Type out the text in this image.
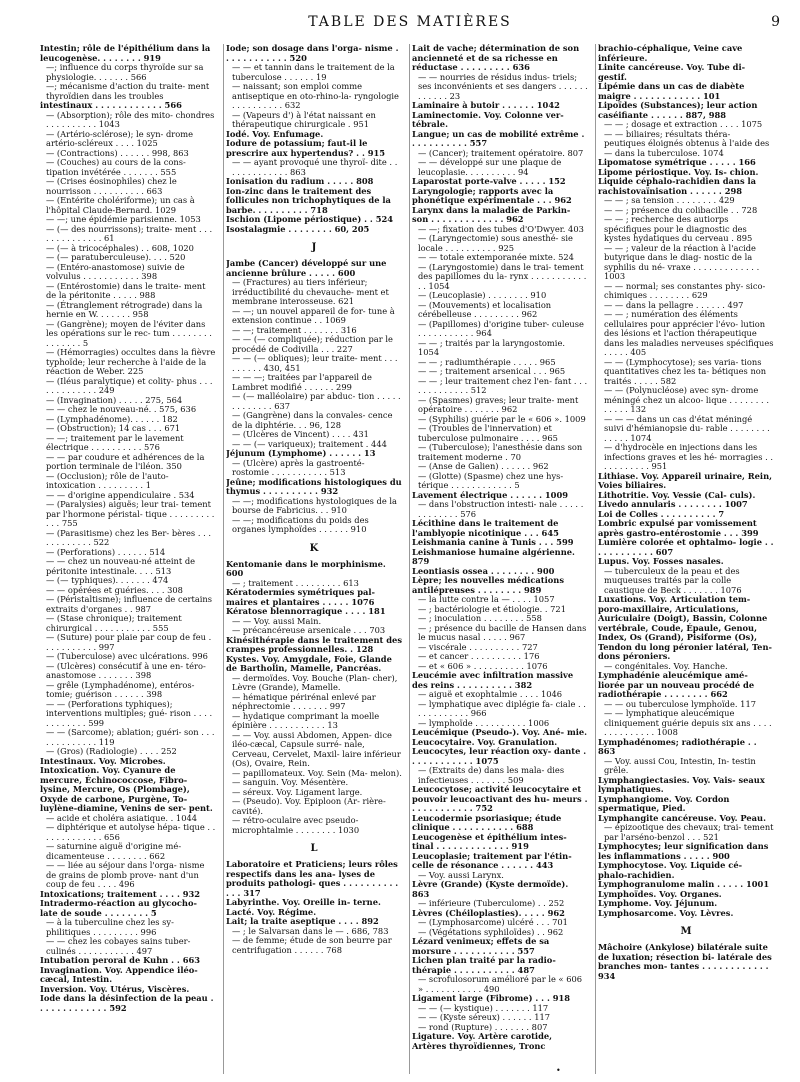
TABLE DES MATIÈRES	9
Intestin; rôle de l'épithélium dans la leucogenèse. . . . . . . . 919
—; influence du corps thyroïde sur sa physiologie. . . . . . . 566
—; mécanisme d'action du traite- ment thyroïdien dans les troubles
intestinaux . . . . . . . . . . . . 566
— (Absorption); rôle des mito- chondres . . . . . . . . . . 1043
— (Artério-sclérose); le syn- drome artério-scléreux . . . . 1025
— (Contractions) . . . . . . 998, 863
— (Couches) au cours de la cons- tipation invétérée . . . . . . . 555
— (Crises éosinophiles) chez le nourrisson . . . . . . . . . . 663
— (Entérite cholériforme); un cas à l'hôpital Claude-Bernard. 1029
— —; une épidémie parisienne. 1053
— (— des nourrissons); traite- ment . . . . . . . . . . . . . . 61
— (— à tricocéphales) . . 608, 1020
— (— paratuberculeuse). . . . 520
— (Entéro-anastomose) suivie de volvulus . . . . . . . . . . . 398
— (Entérostomie) dans le traite- ment de la péritonite . . . . . 988
— (Étranglement rétrograde) dans la hernie en W. . . . . . . 958
— (Gangrène); moyen de l'éviter dans les opérations sur le rec- tum . . . . . . . . . . . . . . . 5
— (Hémorragies) occultes dans la fièvre typhoïde; leur recherche à l'aide de la réaction de Weber. 225
— (Iléus paralytique) et colity- phus . . . . . . . . . . . . . 249
— (Invagination) . . . . . 275, 564
— — chez le nouveau-né. . 575, 636
— (Lymphadénome). . . . . . 182
— (Obstruction); 14 cas . . . 671
— —; traitement par le lavement électrique . . . . . . . . . . 576
— — par coudure et adhérences de la portion terminale de l'iléon. 350
— (Occlusion); rôle de l'auto- intoxication . . . . . . . . . 1
— — d'origine appendiculaire . 534
— (Paralysies) aiguës; leur trai- tement par l'hormone péristal- tique . . . . . . . . . . . . 755
— (Parasitisme) chez les Ber- bères . . . . . . . . . . . . 522
— (Perforations) . . . . . . 514
— — chez un nouveau-né atteint de péritonite intestinale. . . . 513
— (— typhiques). . . . . . . 474
— — opérées et guéries. . . . 308
— (Péristaltisme); influence de certains extraits d'organes . . 987
— (Stase chronique); traitement chirurgical . . . . . . . . . . . 555
— (Suture) pour plaie par coup de feu . . . . . . . . . . . 997
— (Tuberculose) avec ulcérations. 996
— (Ulcères) consécutif à une en- téro-anastomose . . . . . . . 398
— grêle (Lymphadénome), entéros- tomie; guérison . . . . . . 398
— — (Perforations typhiques); interventions multiples; gué- rison . . . . . . . . . . . . 599
— — (Sarcome); ablation; guéri- son . . . . . . . . . . . . . 119
— (Gros) (Radiologie) . . . . 252
Intestinaux. Voy. Microbes.
Intoxication. Voy. Cyanure de mercure, Échinococcose, Fibro- lysine, Mercure, Os (Plombage), Oxyde de carbone, Purgène, To- luylène-diamine, Venins de ser- pent.
— acide et choléra asiatique. . 1044
— diphtérique et autolyse hépa- tique . . . . . . . . . . . . . 656
— saturnine aiguë d'origine mé- dicamenteuse . . . . . . . . 662
— — liée au séjour dans l'orga- nisme de grains de plomb prove- nant d'un coup de feu . . . . 496
Intoxications; traitement . . . . 932
Intradermo-réaction au glycocho- late de soude . . . . . . . . 5
— à la tuberculine chez les sy- philitiques . . . . . . . . . 996
— — chez les cobayes sains tuber- culinés . . . . . . . . . . . 497
Intubation peroral de Kuhn . . 663
Invagination. Voy. Appendice iléo-cæcal, Intestin.
Inversion. Voy. Utérus, Viscères.
Iode dans la désinfection de la peau . . . . . . . . . . . . . 592
Iode; son dosage dans l'orga- nisme . . . . . . . . . . . . 520
— — et tannin dans le traitement de la tuberculose . . . . . . 19
— naissant; son emploi comme antiseptique en oto-rhino-la- ryngologie . . . . . . . . . . 632
— (Vapeurs d') à l'état naissant en thérapeutique chirurgicale . 951
Iodé. Voy. Enfumage.
Iodure de potassium; faut-il le prescrire aux hypertendus? . . 915
— — ayant provoqué une thyroï- dite . . . . . . . . . . . . . 863
Ionisation du radium . . . . . 808
Ion-zinc dans le traitement des follicules non trichophytiques de la barbe. . . . . . . . . . 718
Ischion (Lipome périostique) . . 524
Isostalagmie . . . . . . . . 60, 205
J
Jambe (Cancer) développé sur une ancienne brûlure . . . . . 600
— (Fractures) au tiers inférieur; irréductibilité du chevauche- ment et membrane interosseuse. 621
— —; un nouvel appareil de for- tune à extension continue . . 1069
— —; traitement . . . . . . . 316
— — (— compliquée); réduction par le procédé de Codivilla . . . 227
— — (— obliques); leur traite- ment . . . . . . . . . 430, 451
— — —; traitées par l'appareil de Lambret modifié . . . . . . 299
— (— malléolaire) par abduc- tion . . . . . . . . . . . . . 637
— (Gangrène) dans la convales- cence de la diphtérie. . . 96, 128
— (Ulcères de Vincent) . . . . 431
— — (— variqueux); traitement . 444
Jéjunum (Lymphome) . . . . . . 13
— (Ulcère) après la gastroenté- rostomie . . . . . . . . . . . 513
Jeûne; modifications histologiques du thymus . . . . . . . . . . 932
— —; modifications hystologiques de la bourse de Fabricius. . . 910
— —; modifications du poids des organes lymphoïdes . . . . . . 910
K
Kentomanie dans le morphinisme. 600
— ; traitement . . . . . . . . . 613
Kératodermies symétriques pal- maires et plantaires . . . . . 1076
Kératose blennorragique . . . . 181
— — Voy. aussi Main.
— précancéreuse arsenicale . . . 703
Kinésithérapie dans le traitement des crampes professionnelles. . 128
Kystes. Voy. Amygdale, Foie, Glande de Bartholin, Mamelle, Pancréas.
— dermoïdes. Voy. Bouche (Plan- cher), Lèvre (Grande), Mamelle.
— hématique périrénal enlevé par néphrectomie . . . . . . . 997
— hydatique comprimant la moelle épinière . . . . . . . . . . . 13
— — Voy. aussi Abdomen, Appen- dice iléo-cæcal, Capsule surré- nale, Cerveau, Cervelet, Maxil- laire inférieur (Os), Ovaire, Rein.
— papillomateux. Voy. Sein (Ma- melon).
— sanguin. Voy. Mésentère.
— séreux. Voy. Ligament large.
— (Pseudo). Voy. Epiploon (Ar- rière-cavité).
— rétro-oculaire avec pseudo- microphtalmie . . . . . . . . 1030
L
Laboratoire et Praticiens; leurs rôles respectifs dans les ana- lyses de produits pathologi- ques . . . . . . . . . . . . . 317
Labyrinthe. Voy. Oreille in- terne.
Lacté. Voy. Régime.
Lait; la traite aseptique . . . . 892
— ; le Salvarsan dans le — . 686, 783
— de femme; étude de son beurre par centrifugation . . . . . . 768
Lait de vache; détermination de son ancienneté et de sa richesse en réductase . . . . . . . . . 636
— — nourries de résidus indus- triels; ses inconvénients et ses dangers . . . . . . . . . . . . 23
Laminaire à butoir . . . . . . 1042
Laminectomie. Voy. Colonne ver- tébrale.
Langue; un cas de mobilité extrême . . . . . . . . . . . 557
— (Cancer); traitement opératoire. 807
— — développé sur une plaque de leucoplasie. . . . . . . . . . 94
Laparostat porte-valve . . . . . 152
Laryngologie; rapports avec la phonétique expérimentale . . . 962
Larynx dans la maladie de Parkin- son . . . . . . . . . . . . . 962
— —; fixation des tubes d'O'Dwyer. 403
— (Laryngectomie) sous anesthé- sie locale . . . . . . . . . . 925
— — totale extemporanée mixte. 524
— (Laryngostomie) dans le trai- tement des papillomes du la- rynx . . . . . . . . . . . . . 1054
— (Leucoplasie) . . . . . . . . 910
— (Mouvements) et localisation cérébelleuse . . . . . . . . . 962
— (Papillomes) d'origine tuber- culeuse . . . . . . . . . . . 964
— — ; traités par la laryngostomie. 1054
— — ; radiumthérapie . . . . . 965
— — ; traitement arsenical . . . 965
— — ; leur traitement chez l'en- fant . . . . . . . . . . . . . 512
— (Spasmes) graves; leur traite- ment opératoire . . . . . . . 962
— (Syphilis) guérie par le « 606 ». 1009
— (Troubles de l'innervation) et tuberculose pulmonaire . . . . 965
— (Tuberculose); l'anesthésie dans son traitement moderne . 70
— (Anse de Galien) . . . . . . 962
— (Glotte) (Spasme) chez une hys- térique . . . . . . . . . . . . 5
Lavement électrique . . . . . . 1009
— dans l'obstruction intesti- nale . . . . . . . . . . . . . 576
Lécithine dans le traitement de l'amblyopie nicotinique . . . 645
Leishmania canine à Tunis . . . 599
Leishmaniose humaine algérienne. 879
Leontiasis ossea . . . . . . . . 900
Lèpre; les nouvelles médications antilépreuses . . . . . . . . 989
— la lutte contre la — . . . . 1057
— ; bactériologie et étiologie. . 721
— ; inoculation . . . . . . . . 558
— ; présence du bacille de Hansen dans le mucus nasal . . . . . 967
— viscérale . . . . . . . . . . 727
— et cancer . . . . . . . . . . 176
— et « 606 » . . . . . . . . . . 1076
Leucémie avec infiltration massive des reins . . . . . . . . . . 382
— aiguë et exophtalmie . . . . 1046
— lymphatique avec diplégie fa- ciale . . . . . . . . . . . . 966
— lymphoïde . . . . . . . . . . 1006
Leucémique (Pseudo-). Voy. Ané- mie.
Leucocytaire. Voy. Granulation.
Leucocytes, leur réaction oxy- dante . . . . . . . . . . . . 1075
— (Extraits de) dans les mala- dies infectieuses . . . . . . . 509
Leucocytose; activité leucocytaire et pouvoir leucoactivant des hu- meurs . . . . . . . . . . . . 752
Leucodermie psoriasique; étude clinique . . . . . . . . . . . 688
Leucogenèse et épithélium intes- tinal . . . . . . . . . . . . . 919
Leucoplasie; traitement par l'étin- celle de résonance . . . . . . 443
— Voy. aussi Larynx.
Lèvre (Grande) (Kyste dermoïde). 863
— inférieure (Tuberculome) . . 252
Lèvres (Chéiloplasties). . . . . 962
— (Lymphosarcome) ulcéré . . . 701
— (Végétations syphiloïdes) . . 962
Lézard venimeux; effets de sa morsure . . . . . . . . . . . 557
Lichen plan traité par la radio- thérapie . . . . . . . . . . . 487
— scrofulosorum amélioré par le « 606 » . . . . . . . . . . . 490
Ligament large (Fibrome) . . . 918
— — (— kystique) . . . . . . . 117
— — (Kyste séreux) . . . . . . 117
— rond (Rupture) . . . . . . . 807
Ligature. Voy. Artère carotide, Artères thyroïdiennes, Tronc
brachio-céphalique, Veine cave inférieure.
Linite cancéreuse. Voy. Tube di- gestif.
Lipémie dans un cas de diabète maigre . . . . . . . . . . . . 101
Lipoïdes (Substances); leur action caséifiante . . . . . . 887, 988
— — ; dosage et extraction . . . . 1075
— — biliaires; résultats théra- peutiques éloignés obtenus à l'aide des — dans la tuberculose. 1074
Lipomatose symétrique . . . . . 166
Lipome périostique. Voy. Is- chion.
Liquide céphalo-rachidien dans la rachistovaïnisation . . . . . . 298
— — ; sa tension . . . . . . . . 429
— — ; présence du colibacille . . 728
— — ; recherche des autiorps spécifiques pour le diagnostic des kystes hydatiques du cerveau . 895
— — ; valeur de la réaction à l'acide butyrique dans le diag- nostic de la syphilis du né- vraxe . . . . . . . . . . . . . 1003
— — normal; ses constantes phy- sico-chimiques . . . . . . . . 629
— — dans la pellagre . . . . . . 497
— — ; numération des éléments cellulaires pour apprécier l'évo- lution des lésions et l'action thérapeutique dans les maladies nerveuses spécifiques . . . . . 405
— — (Lymphocytose); ses varia- tions quantitatives chez les ta- bétiques non traités . . . . . 582
— — (Polynucléose) avec syn- drome méningé chez un alcoo- lique . . . . . . . . . . . . . 132
— — — dans un cas d'état méningé suivi d'hémianopsie du- rable . . . . . . . . . . . . . 1074
— d'hydrocèle en injections dans les infections graves et les hé- morragies . . . . . . . . . . . 951
Lithiase. Voy. Appareil urinaire, Rein, Voies biliaires.
Lithotritie. Voy. Vessie (Cal- culs).
Livedo annularis . . . . . . . . 1007
Loi de Colles . . . . . . . . . . 7
Lombric expulsé par vomissement après gastro-entérostomie . . . 399
Lumière colorée et ophtalmo- logie . . . . . . . . . . . . 607
Lupus. Voy. Fosses nasales.
— tuberculeux de la peau et des muqueuses traités par la colle caustique de Beck . . . . . . . 1076
Luxations. Voy. Articulation tem- poro-maxillaire, Articulations, Auriculaire (Doigt), Bassin, Colonne vertébrale, Coude, Épaule, Genou, Index, Os (Grand), Pisiforme (Os), Tendon du long péronier latéral, Ten- dons péroniers.
— congénitales. Voy. Hanche.
Lymphadénie aleucémique amé- liorée par un nouveau procédé de radiothérapie . . . . . . . . 662
— — ou tuberculose lymphoïde. 117
— — lymphatique aleucémique cliniquement guérie depuis six ans . . . . . . . . . . . . . . 1008
Lymphadénomes; radiothérapie . . 863
— Voy. aussi Cou, Intestin, In- testin grêle.
Lymphangiectasies. Voy. Vais- seaux lymphatiques.
Lymphangiome. Voy. Cordon spermatique, Pied.
Lymphangite cancéreuse. Voy. Peau.
— épizootique des chevaux; trai- tement par l'arséno-benzol . . . 521
Lymphocytes; leur signification dans les inflammations . . . . . 900
Lymphocytose. Voy. Liquide cé- phalo-rachidien.
Lymphogranulome malin . . . . . 1001
Lymphoïdes. Voy. Organes.
Lymphome. Voy. Jéjunum.
Lymphosarcome. Voy. Lèvres.
M
Mâchoire (Ankylose) bilatérale suite de luxation; résection bi- latérale des branches mon- tantes . . . . . . . . . . . . 934
•
